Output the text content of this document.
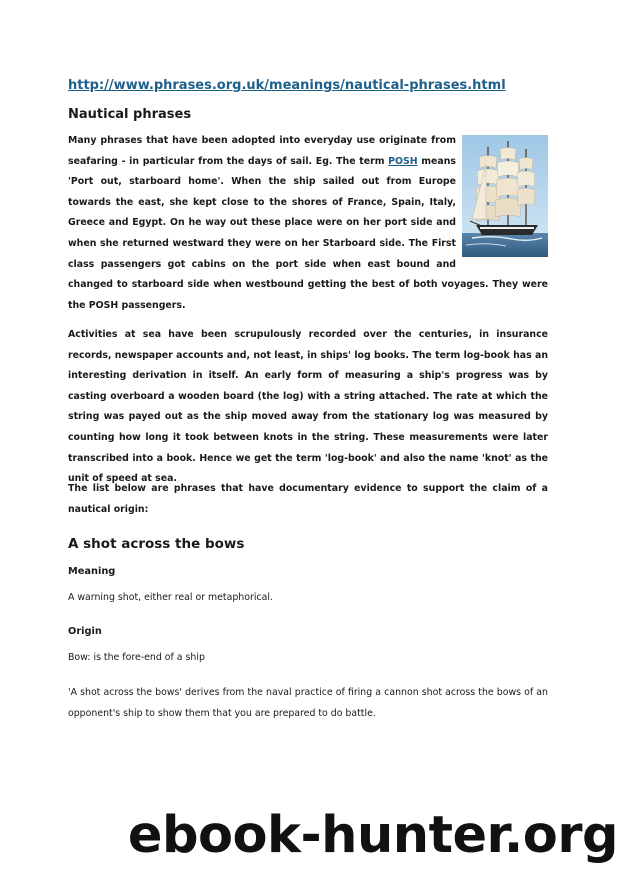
http://www.phrases.org.uk/meanings/nautical-phrases.html
Nautical phrases

Many phrases that have been adopted into everyday use originate from seafaring - in particular from the days of sail. Eg. The term POSH means 'Port out, starboard home'. When the ship sailed out from Europe towards the east, she kept close to the shores of France, Spain, Italy, Greece and Egypt. On he way out these place were on her port side and when she returned westward they were on her Starboard side. The First class passengers got cabins on the port side when east bound and changed to starboard side when westbound getting the best of both voyages. They were the POSH passengers.

Activities at sea have been scrupulously recorded over the centuries, in insurance records, newspaper accounts and, not least, in ships' log books. The term log-book has an interesting derivation in itself. An early form of measuring a ship's progress was by casting overboard a wooden board (the log) with a string attached. The rate at which the string was payed out as the ship moved away from the stationary log was measured by counting how long it took between knots in the string. These measurements were later transcribed into a book. Hence we get the term 'log-book' and also the name 'knot' as the unit of speed at sea.

The list below are phrases that have documentary evidence to support the claim of a nautical origin:

A shot across the bows
Meaning

A warning shot, either real or metaphorical.

Origin

Bow: is the fore-end of a ship

'A shot across the bows' derives from the naval practice of firing a cannon shot across the bows of an opponent's ship to show them that you are prepared to do battle.

ebook-hunter.org
